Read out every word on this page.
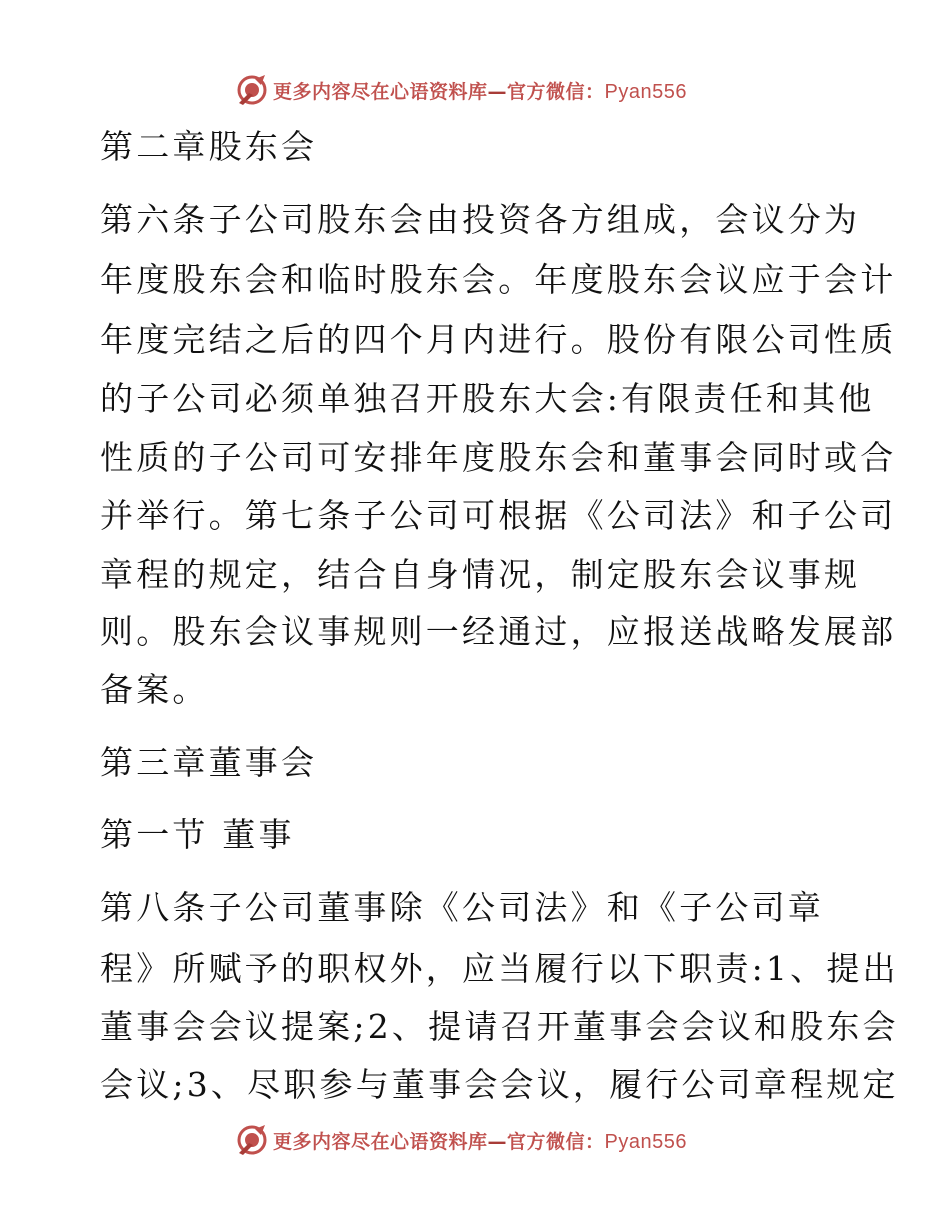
更多内容尽在心语资料库—官方微信：Pyan556
第二章股东会
第六条子公司股东会由投资各方组成，会议分为
年度股东会和临时股东会。年度股东会议应于会计
年度完结之后的四个月内进行。股份有限公司性质
的子公司必须单独召开股东大会:有限责任和其他
性质的子公司可安排年度股东会和董事会同时或合
并举行。第七条子公司可根据《公司法》和子公司
章程的规定，结合自身情况，制定股东会议事规
则。股东会议事规则一经通过，应报送战略发展部
备案。
第三章董事会
第一节 董事
第八条子公司董事除《公司法》和《子公司章
程》所赋予的职权外，应当履行以下职责:1、提出
董事会会议提案;2、提请召开董事会会议和股东会
会议;3、尽职参与董事会会议，履行公司章程规定
更多内容尽在心语资料库—官方微信：Pyan556
